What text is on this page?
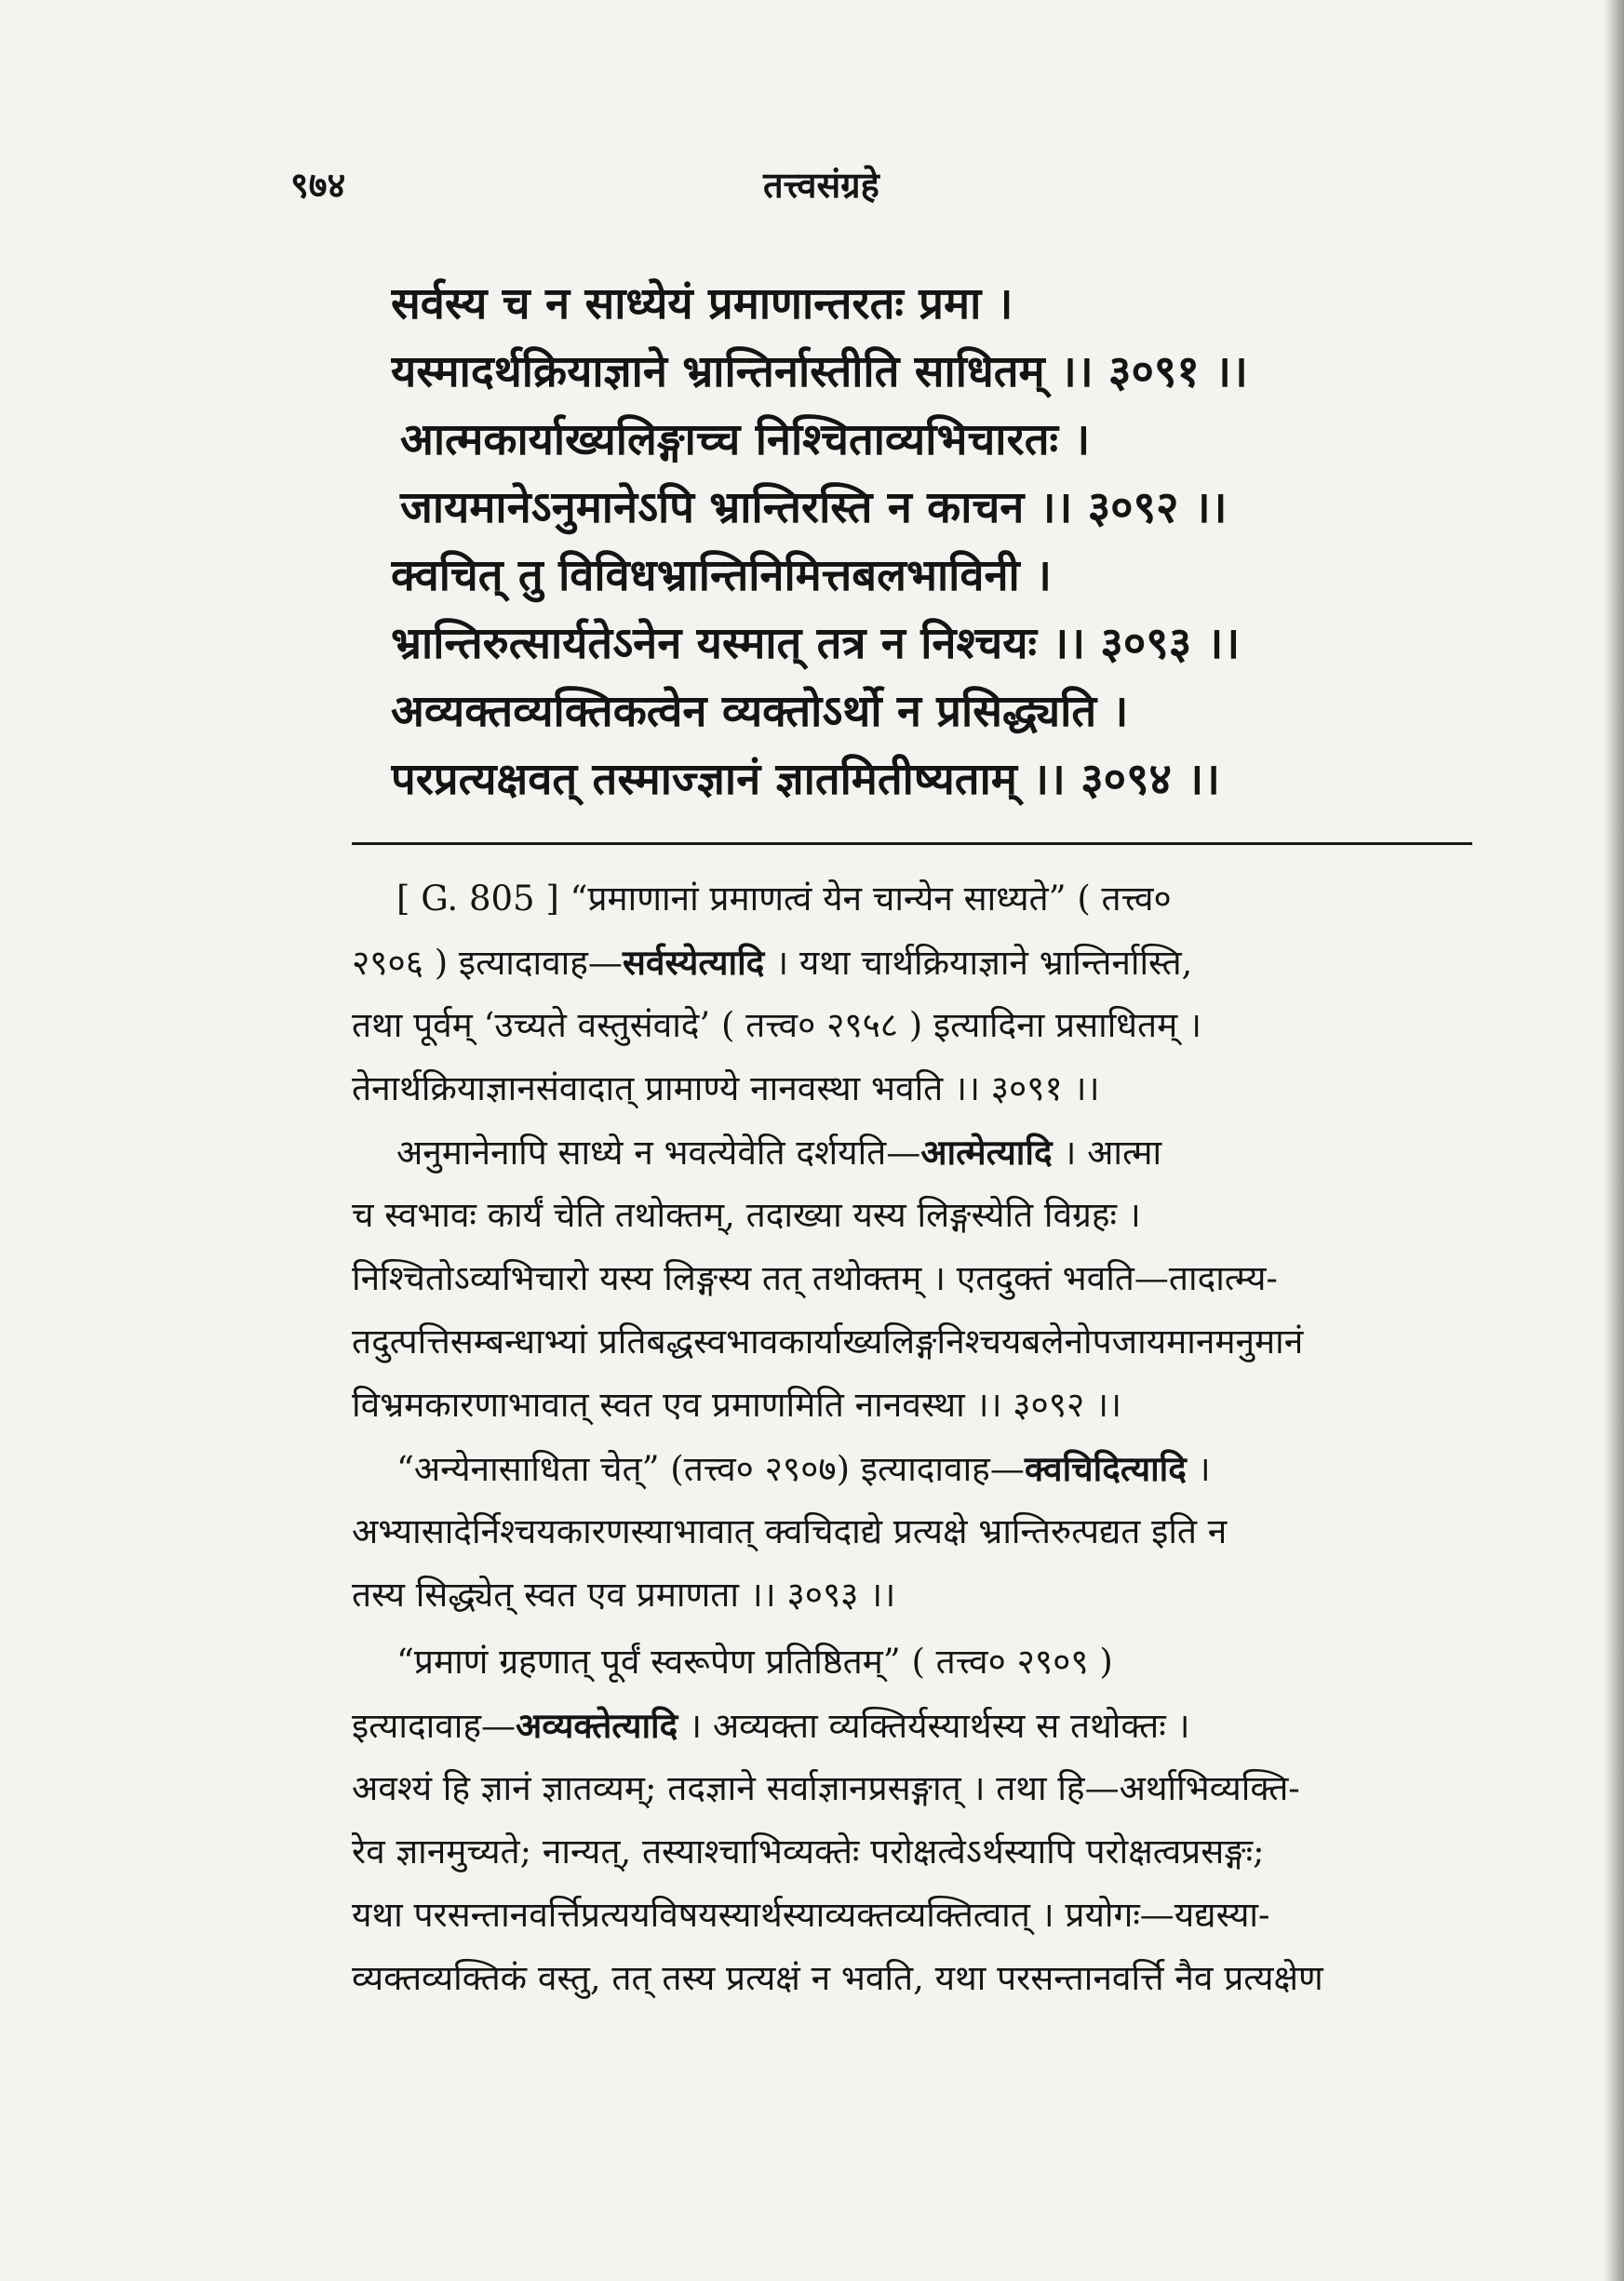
९७४	तत्त्वसंग्रहे
सर्वस्य च न साध्येयं प्रमाणान्तरतः प्रमा ।
यस्मादर्थक्रियाज्ञाने भ्रान्तिर्नास्तीति साधितम् ।। ३०९१ ।।
आत्मकार्याख्यलिङ्गाच्च निश्चिताव्यभिचारतः ।
जायमानेऽनुमानेऽपि भ्रान्तिरस्ति न काचन ।। ३०९२ ।।
क्वचित् तु विविधभ्रान्तिनिमित्तबलभाविनी ।
भ्रान्तिरुत्सार्यतेऽनेन यस्मात् तत्र न निश्चयः ।। ३०९३ ।।
अव्यक्तव्यक्तिकत्वेन व्यक्तोऽर्थो न प्रसिद्ध्यति ।
परप्रत्यक्षवत् तस्माज्ज्ञानं ज्ञातमितीष्यताम् ।। ३०९४ ।।
[ G. 805 ] “प्रमाणानां प्रमाणत्वं येन चान्येन साध्यते” ( तत्त्व०
२९०६ ) इत्यादावाह—सर्वस्येत्यादि । यथा चार्थक्रियाज्ञाने भ्रान्तिर्नास्ति,
तथा पूर्वम् ‘उच्यते वस्तुसंवादे’ ( तत्त्व० २९५८ ) इत्यादिना प्रसाधितम् ।
तेनार्थक्रियाज्ञानसंवादात् प्रामाण्ये नानवस्था भवति ।। ३०९१ ।।
अनुमानेनापि साध्ये न भवत्येवेति दर्शयति—आत्मेत्यादि । आत्मा
च स्वभावः कार्यं चेति तथोक्तम्, तदाख्या यस्य लिङ्गस्येति विग्रहः ।
निश्चितोऽव्यभिचारो यस्य लिङ्गस्य तत् तथोक्तम् । एतदुक्तं भवति—तादात्म्य-
तदुत्पत्तिसम्बन्धाभ्यां प्रतिबद्धस्वभावकार्याख्यलिङ्गनिश्चयबलेनोपजायमानमनुमानं
विभ्रमकारणाभावात् स्वत एव प्रमाणमिति नानवस्था ।। ३०९२ ।।
“अन्येनासाधिता चेत्” (तत्त्व० २९०७) इत्यादावाह—क्वचिदित्यादि ।
अभ्यासादेर्निश्चयकारणस्याभावात् क्वचिदाद्ये प्रत्यक्षे भ्रान्तिरुत्पद्यत इति न
तस्य सिद्ध्येत् स्वत एव प्रमाणता ।। ३०९३ ।।
“प्रमाणं ग्रहणात् पूर्वं स्वरूपेण प्रतिष्ठितम्” ( तत्त्व० २९०९ )
इत्यादावाह—अव्यक्तेत्यादि । अव्यक्ता व्यक्तिर्यस्यार्थस्य स तथोक्तः ।
अवश्यं हि ज्ञानं ज्ञातव्यम्; तदज्ञाने सर्वाज्ञानप्रसङ्गात् । तथा हि—अर्थाभिव्यक्ति-
रेव ज्ञानमुच्यते; नान्यत्, तस्याश्चाभिव्यक्तेः परोक्षत्वेऽर्थस्यापि परोक्षत्वप्रसङ्गः;
यथा परसन्तानवर्त्तिप्रत्ययविषयस्यार्थस्याव्यक्तव्यक्तित्वात् । प्रयोगः—यद्यस्या-
व्यक्तव्यक्तिकं वस्तु, तत् तस्य प्रत्यक्षं न भवति, यथा परसन्तानवर्त्ति नैव प्रत्यक्षेण
